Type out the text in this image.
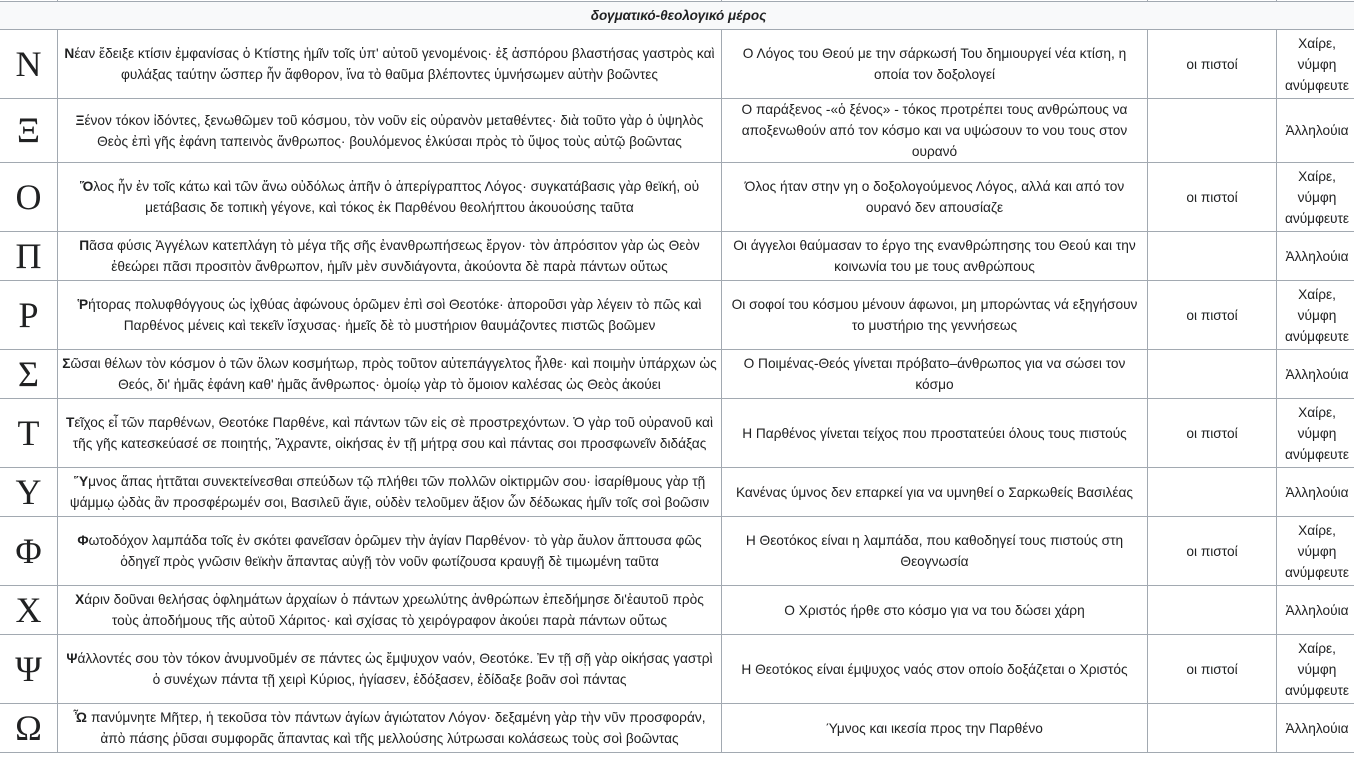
δογματικό-θεολογικό μέρος				
Ν	Νέαν ἔδειξε κτίσιν ἐμφανίσας ὁ Κτίστης ἡμῖν τοῖς ὑπ' αὐτοῦ γενομένοις· ἐξ ἀσπόρου βλαστήσας γαστρὸς καὶ φυλάξας ταύτην ὥσπερ ἦν ἄφθορον, ἵνα τὸ θαῦμα βλέποντες ὑμνήσωμεν αὐτὴν βοῶντες	Ο Λόγος του Θεού με την σάρκωσή Του δημιουργεί νέα κτίση, η οποία τον δοξολογεί	οι πιστοί	Χαίρε, νύμφη ανύμφευτε
Ξ	Ξένον τόκον ἰδόντες, ξενωθῶμεν τοῦ κόσμου, τὸν νοῦν εἰς οὐρανὸν μεταθέντες· διὰ τοῦτο γὰρ ὁ ὑψηλὸς Θεὸς ἐπὶ γῆς ἐφάνη ταπεινὸς ἄνθρωπος· βουλόμενος ἑλκύσαι πρὸς τὸ ὕψος τοὺς αὐτῷ βοῶντας	Ο παράξενος -«ὁ ξένος» - τόκος προτρέπει τους ανθρώπους να αποξενωθούν από τον κόσμο και να υψώσουν το νου τους στον ουρανό		Ἀλληλούια
Ο	Ὅλος ἦν ἐν τοῖς κάτω καὶ τῶν ἄνω οὐδόλως ἀπῆν ὁ ἀπερίγραπτος Λόγος· συγκατάβασις γὰρ θεϊκή, οὐ μετάβασις δε τοπικὴ γέγονε, καὶ τόκος ἐκ Παρθένου θεολήπτου ἀκουούσης ταῦτα	Όλος ήταν στην γη ο δοξολογούμενος Λόγος, αλλά και από τον ουρανό δεν απουσίαζε	οι πιστοί	Χαίρε, νύμφη ανύμφευτε
Π	Πᾶσα φύσις Ἀγγέλων κατεπλάγη τὸ μέγα τῆς σῆς ἐνανθρωπήσεως ἔργον· τὸν ἀπρόσιτον γὰρ ὡς Θεὸν ἐθεώρει πᾶσι προσιτὸν ἄνθρωπον, ἡμῖν μὲν συνδιάγοντα, ἀκούοντα δὲ παρὰ πάντων οὕτως	Οι άγγελοι θαύμασαν το έργο της ενανθρώπησης του Θεού και την κοινωνία του με τους ανθρώπους		Ἀλληλούια
Ρ	Ῥήτορας πολυφθόγγους ὡς ἰχθύας ἀφώνους ὁρῶμεν ἐπὶ σοὶ Θεοτόκε· ἀποροῦσι γὰρ λέγειν τὸ πῶς καὶ Παρθένος μένεις καὶ τεκεῖν ἴσχυσας· ἡμεῖς δὲ τὸ μυστήριον θαυμάζοντες πιστῶς βοῶμεν	Οι σοφοί του κόσμου μένουν άφωνοι, μη μπορώντας νά εξηγήσουν το μυστήριο της γεννήσεως	οι πιστοί	Χαίρε, νύμφη ανύμφευτε
Σ	Σῶσαι θέλων τὸν κόσμον ὁ τῶν ὅλων κοσμήτωρ, πρὸς τοῦτον αὐτεπάγγελτος ἦλθε· καὶ ποιμὴν ὑπάρχων ὡς Θεός, δι' ἡμᾶς ἐφάνη καθ' ἡμᾶς ἄνθρωπος· ὁμοίῳ γὰρ τὸ ὅμοιον καλέσας ὡς Θεὸς ἀκούει	Ο Ποιμένας-Θεός γίνεται πρόβατο–άνθρωπος για να σώσει τον κόσμο		Ἀλληλούια
Τ	Τεῖχος εἶ τῶν παρθένων, Θεοτόκε Παρθένε, καὶ πάντων τῶν εἰς σὲ προστρεχόντων. Ὁ γὰρ τοῦ οὐρανοῦ καὶ τῆς γῆς κατεσκεύασέ σε ποιητής, Ἄχραντε, οἰκήσας ἐν τῇ μήτρᾳ σου καὶ πάντας σοι προσφωνεῖν διδάξας	Η Παρθένος γίνεται τείχος που προστατεύει όλους τους πιστούς	οι πιστοί	Χαίρε, νύμφη ανύμφευτε
Υ	Ὕμνος ἅπας ἡττᾶται συνεκτείνεσθαι σπεύδων τῷ πλήθει τῶν πολλῶν οἰκτιρμῶν σου· ἰσαρίθμους γὰρ τῇ ψάμμῳ ᾠδὰς ἂν προσφέρωμέν σοι, Βασιλεῦ ἅγιε, οὐδὲν τελοῦμεν ἄξιον ὧν δέδωκας ἡμῖν τοῖς σοὶ βοῶσιν	Κανένας ύμνος δεν επαρκεί για να υμνηθεί ο Σαρκωθείς Βασιλέας		Ἀλληλούια
Φ	Φωτοδόχον λαμπάδα τοῖς ἐν σκότει φανεῖσαν ὁρῶμεν τὴν ἁγίαν Παρθένον· τὸ γὰρ ἄυλον ἅπτουσα φῶς ὁδηγεῖ πρὸς γνῶσιν θεϊκὴν ἅπαντας αὐγῇ τὸν νοῦν φωτίζουσα κραυγῇ δὲ τιμωμένη ταῦτα	Η Θεοτόκος είναι η λαμπάδα, που καθοδηγεί τους πιστούς στη Θεογνωσία	οι πιστοί	Χαίρε, νύμφη ανύμφευτε
Χ	Χάριν δοῦναι θελήσας ὀφλημάτων ἀρχαίων ὁ πάντων χρεωλύτης ἀνθρώπων ἐπεδήμησε δι'ἑαυτοῦ πρὸς τοὺς ἀποδήμους τῆς αὐτοῦ Χάριτος· καὶ σχίσας τὸ χειρόγραφον ἀκούει παρὰ πάντων οὕτως	Ο Χριστός ήρθε στο κόσμο για να του δώσει χάρη		Ἀλληλούια
Ψ	Ψάλλοντές σου τὸν τόκον ἀνυμνοῦμέν σε πάντες ὡς ἔμψυχον ναόν, Θεοτόκε. Ἐν τῇ σῇ γὰρ οἰκήσας γαστρὶ ὁ συνέχων πάντα τῇ χειρὶ Κύριος, ἡγίασεν, ἐδόξασεν, ἐδίδαξε βοᾶν σοὶ πάντας	Η Θεοτόκος είναι έμψυχος ναός στον οποίο δοξάζεται ο Χριστός	οι πιστοί	Χαίρε, νύμφη ανύμφευτε
Ω	Ὦ πανύμνητε Μῆτερ, ἡ τεκοῦσα τὸν πάντων ἁγίων ἁγιώτατον Λόγον· δεξαμένη γὰρ τὴν νῦν προσφοράν, ἀπὸ πάσης ῥῦσαι συμφορᾶς ἅπαντας καὶ τῆς μελλούσης λύτρωσαι κολάσεως τοὺς σοὶ βοῶντας	Ύμνος και ικεσία προς την Παρθένο		Ἀλληλούια
